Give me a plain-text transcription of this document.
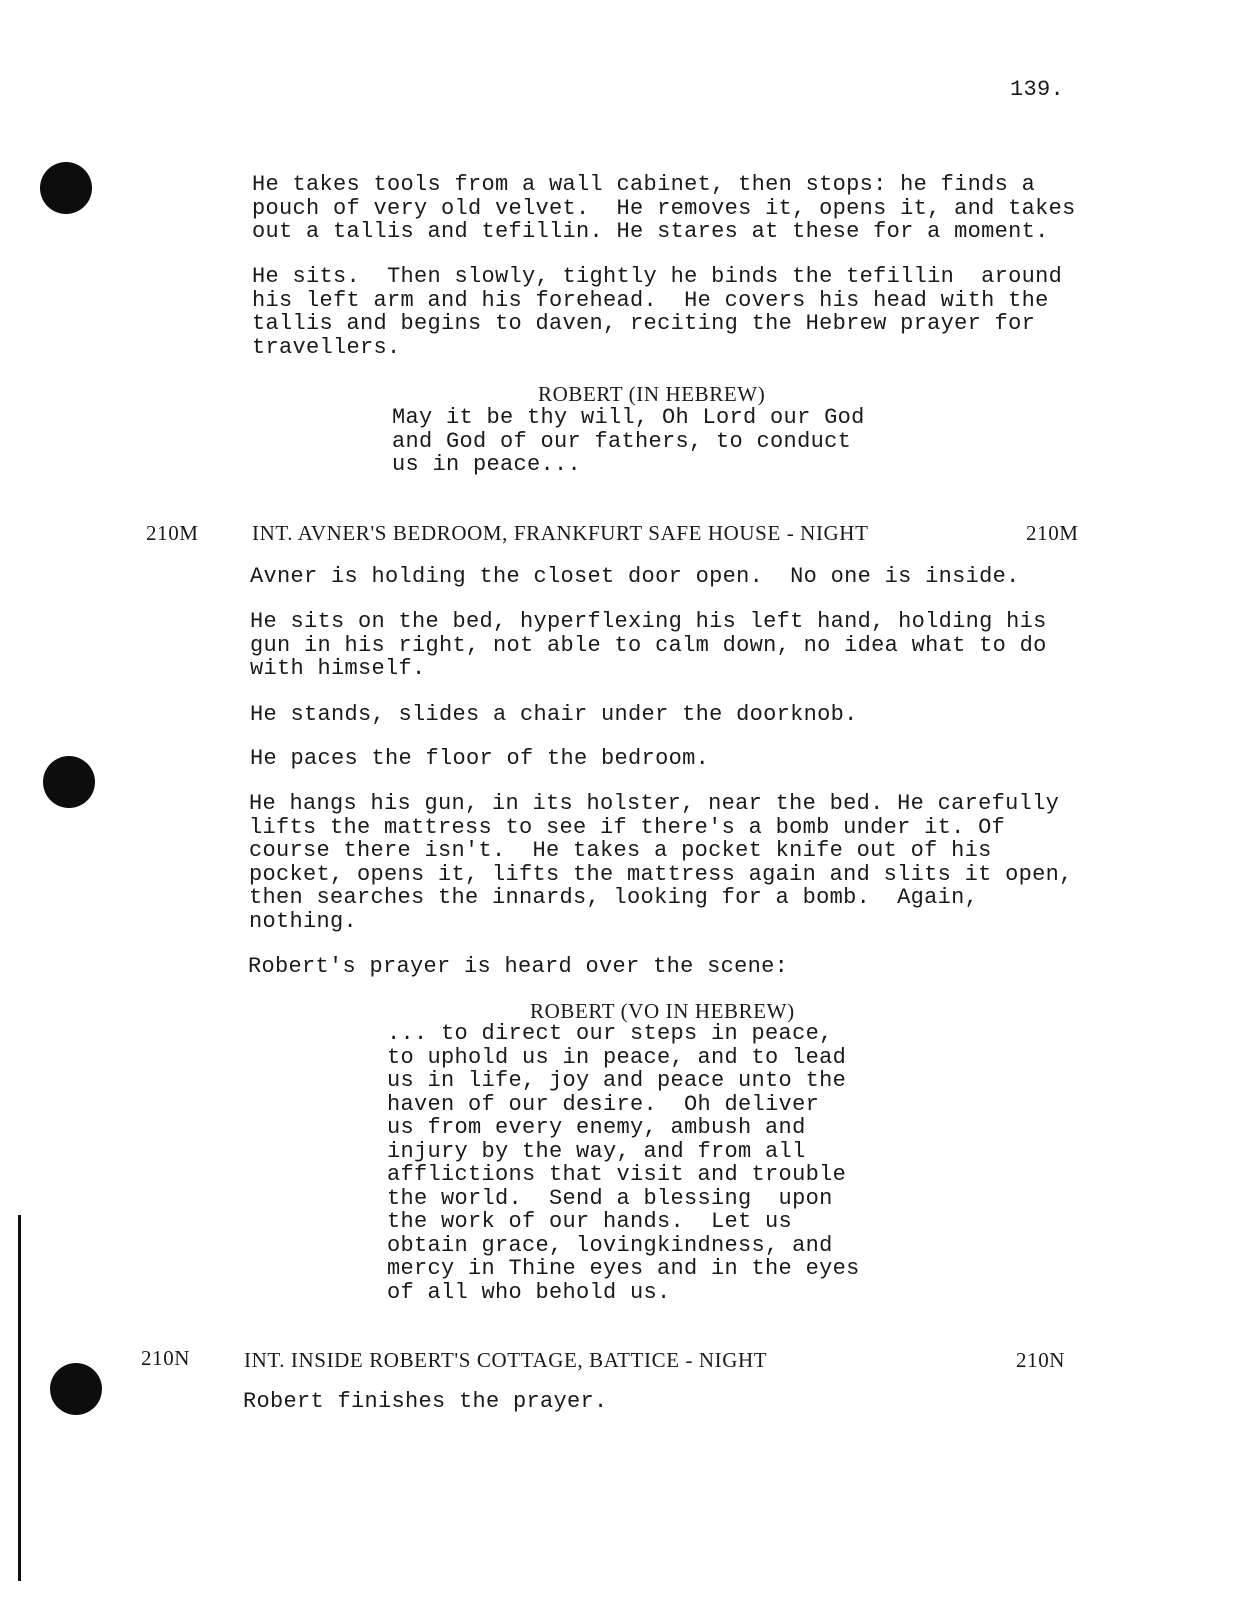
139.
He takes tools from a wall cabinet, then stops: he finds a
pouch of very old velvet.  He removes it, opens it, and takes
out a tallis and tefillin. He stares at these for a moment.
He sits.  Then slowly, tightly he binds the tefillin  around
his left arm and his forehead.  He covers his head with the
tallis and begins to daven, reciting the Hebrew prayer for
travellers.
ROBERT (IN HEBREW)
May it be thy will, Oh Lord our God
and God of our fathers, to conduct
us in peace...
210M	INT. AVNER'S BEDROOM, FRANKFURT SAFE HOUSE - NIGHT	210M
Avner is holding the closet door open.  No one is inside.
He sits on the bed, hyperflexing his left hand, holding his
gun in his right, not able to calm down, no idea what to do
with himself.
He stands, slides a chair under the doorknob.
He paces the floor of the bedroom.
He hangs his gun, in its holster, near the bed. He carefully
lifts the mattress to see if there's a bomb under it. Of
course there isn't.  He takes a pocket knife out of his
pocket, opens it, lifts the mattress again and slits it open,
then searches the innards, looking for a bomb.  Again,
nothing.
Robert's prayer is heard over the scene:
ROBERT (VO IN HEBREW)
... to direct our steps in peace,
to uphold us in peace, and to lead
us in life, joy and peace unto the
haven of our desire.  Oh deliver
us from every enemy, ambush and
injury by the way, and from all
afflictions that visit and trouble
the world.  Send a blessing  upon
the work of our hands.  Let us
obtain grace, lovingkindness, and
mercy in Thine eyes and in the eyes
of all who behold us.
210N	INT. INSIDE ROBERT'S COTTAGE, BATTICE - NIGHT	210N
Robert finishes the prayer.
